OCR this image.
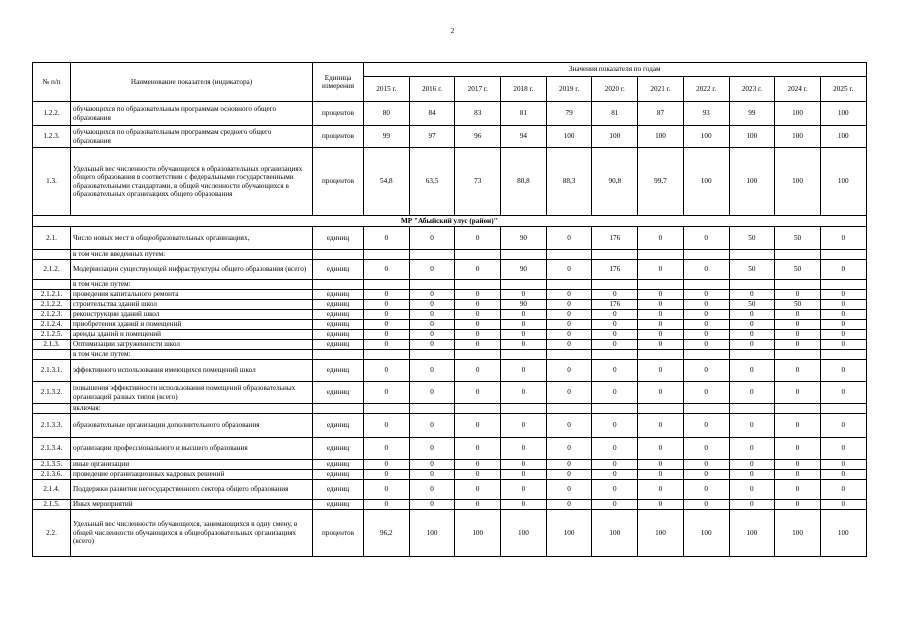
2
№ п/п	Наименование показателя (индикатора)	Единица измерения	Значения показателя по годам										
			2015 г.	2016 г.	2017 г.	2018 г.	2019 г.	2020 г.	2021 г.	2022 г.	2023 г.	2024 г.	2025 г.
1.2.2.	обучающихся по образовательным программам основного общего образования	процентов	80	84	83	81	79	81	87	93	99	100	100
1.2.3.	обучающихся по образовательным программам среднего общего образования	процентов	99	97	96	94	100	100	100	100	100	100	100
1.3.	Удельный вес численности обучающихся в образовательных организациях общего образования в соответствии с федеральными государственными образовательными стандартами, в общей численности обучающихся в образовательных организациях общего образования	процентов	54,8	63,5	73	80,8	88,3	90,8	99,7	100	100	100	100
МР "Абыйский улус (район)"													
2.1.	Число новых мест в общеобразовательных организациях,	единиц	0	0	0	90	0	176	0	0	50	50	0
	в том числе введенных путем:												
2.1.2.	Модернизации существующей инфраструктуры общего образования (всего)	единиц	0	0	0	90	0	176	0	0	50	50	0
	в том числе путем:												
2.1.2.1.	проведения капитального ремонта	единиц	0	0	0	0	0	0	0	0	0	0	0
2.1.2.2.	строительства зданий школ	единиц	0	0	0	90	0	176	0	0	50	50	0
2.1.2.3.	реконструкции зданий школ	единиц	0	0	0	0	0	0	0	0	0	0	0
2.1.2.4.	приобретения зданий и помещений	единиц	0	0	0	0	0	0	0	0	0	0	0
2.1.2.5.	аренды зданий и помещений	единиц	0	0	0	0	0	0	0	0	0	0	0
2.1.3.	Оптимизации загруженности школ	единиц	0	0	0	0	0	0	0	0	0	0	0
	в том числе путем:												
2.1.3.1.	эффективного использования имеющихся помещений школ	единиц	0	0	0	0	0	0	0	0	0	0	0
2.1.3.2.	повышения эффективности использования помещений образовательных организаций разных типов (всего)	единиц	0	0	0	0	0	0	0	0	0	0	0
	включая:												
2.1.3.3.	образовательные организации дополнительного образования	единиц	0	0	0	0	0	0	0	0	0	0	0
2.1.3.4.	организации профессионального и высшего образования	единиц	0	0	0	0	0	0	0	0	0	0	0
2.1.3.5.	иные организации	единиц	0	0	0	0	0	0	0	0	0	0	0
2.1.3.6.	проведение организационных кадровых решений	единиц	0	0	0	0	0	0	0	0	0	0	0
2.1.4.	Поддержки развития негосударственного сектора общего образования	единиц	0	0	0	0	0	0	0	0	0	0	0
2.1.5.	Иных мероприятий	единиц	0	0	0	0	0	0	0	0	0	0	0
2.2.	Удельный вес численности обучающихся, занимающихся в одну смену, в общей численности обучающихся в общеобразовательных организациях (всего)	процентов	96,2	100	100	100	100	100	100	100	100	100	100
